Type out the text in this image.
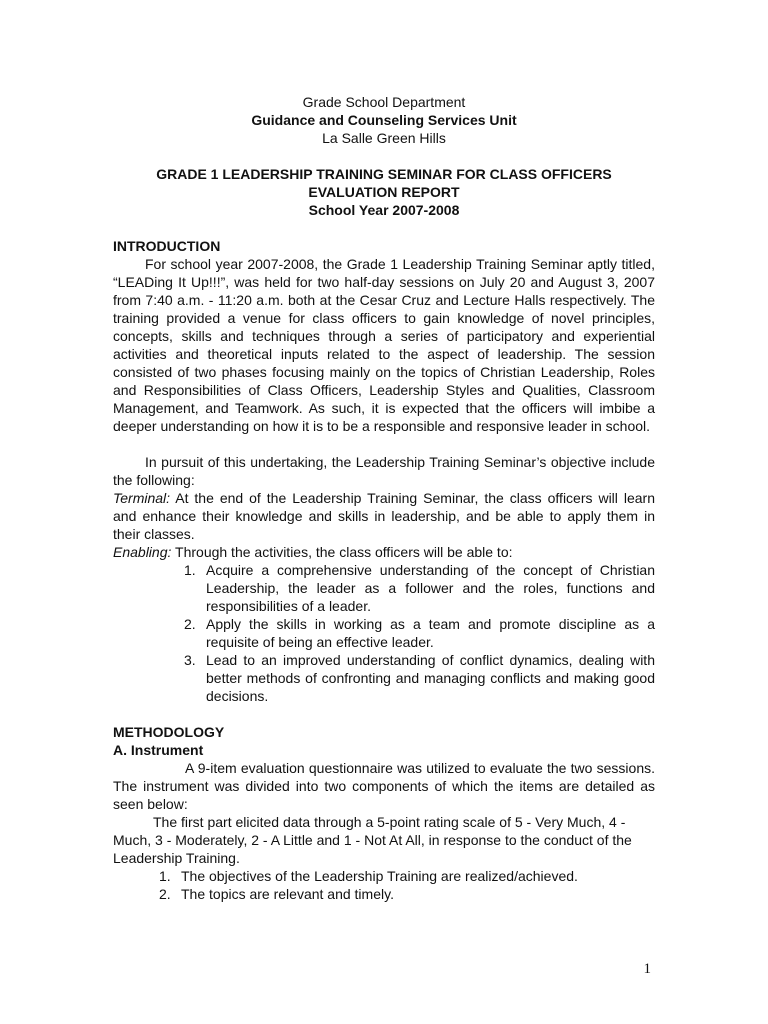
Grade School Department
Guidance and Counseling Services Unit
La Salle Green Hills
GRADE 1 LEADERSHIP TRAINING SEMINAR FOR CLASS OFFICERS
EVALUATION REPORT
School Year 2007-2008
INTRODUCTION

For school year 2007-2008, the Grade 1 Leadership Training Seminar aptly titled, “LEADing It Up!!!”, was held for two half-day sessions on July 20 and August 3, 2007 from 7:40 a.m. - 11:20 a.m. both at the Cesar Cruz and Lecture Halls respectively. The training provided a venue for class officers to gain knowledge of novel principles, concepts, skills and techniques through a series of participatory and experiential activities and theoretical inputs related to the aspect of leadership. The session consisted of two phases focusing mainly on the topics of Christian Leadership, Roles and Responsibilities of Class Officers, Leadership Styles and Qualities, Classroom Management, and Teamwork. As such, it is expected that the officers will imbibe a deeper understanding on how it is to be a responsible and responsive leader in school.

In pursuit of this undertaking, the Leadership Training Seminar’s objective include the following:

Terminal: At the end of the Leadership Training Seminar, the class officers will learn and enhance their knowledge and skills in leadership, and be able to apply them in their classes.
Enabling: Through the activities, the class officers will be able to:
1. Acquire a comprehensive understanding of the concept of Christian Leadership, the leader as a follower and the roles, functions and responsibilities of a leader.
2. Apply the skills in working as a team and promote discipline as a requisite of being an effective leader.
3. Lead to an improved understanding of conflict dynamics, dealing with better methods of confronting and managing conflicts and making good decisions.
METHODOLOGY
A. Instrument

A 9-item evaluation questionnaire was utilized to evaluate the two sessions. The instrument was divided into two components of which the items are detailed as seen below:

The first part elicited data through a 5-point rating scale of 5 - Very Much, 4 - Much, 3 - Moderately, 2 - A Little and 1 - Not At All, in response to the conduct of the Leadership Training.

1. The objectives of the Leadership Training are realized/achieved.
2. The topics are relevant and timely.
1
